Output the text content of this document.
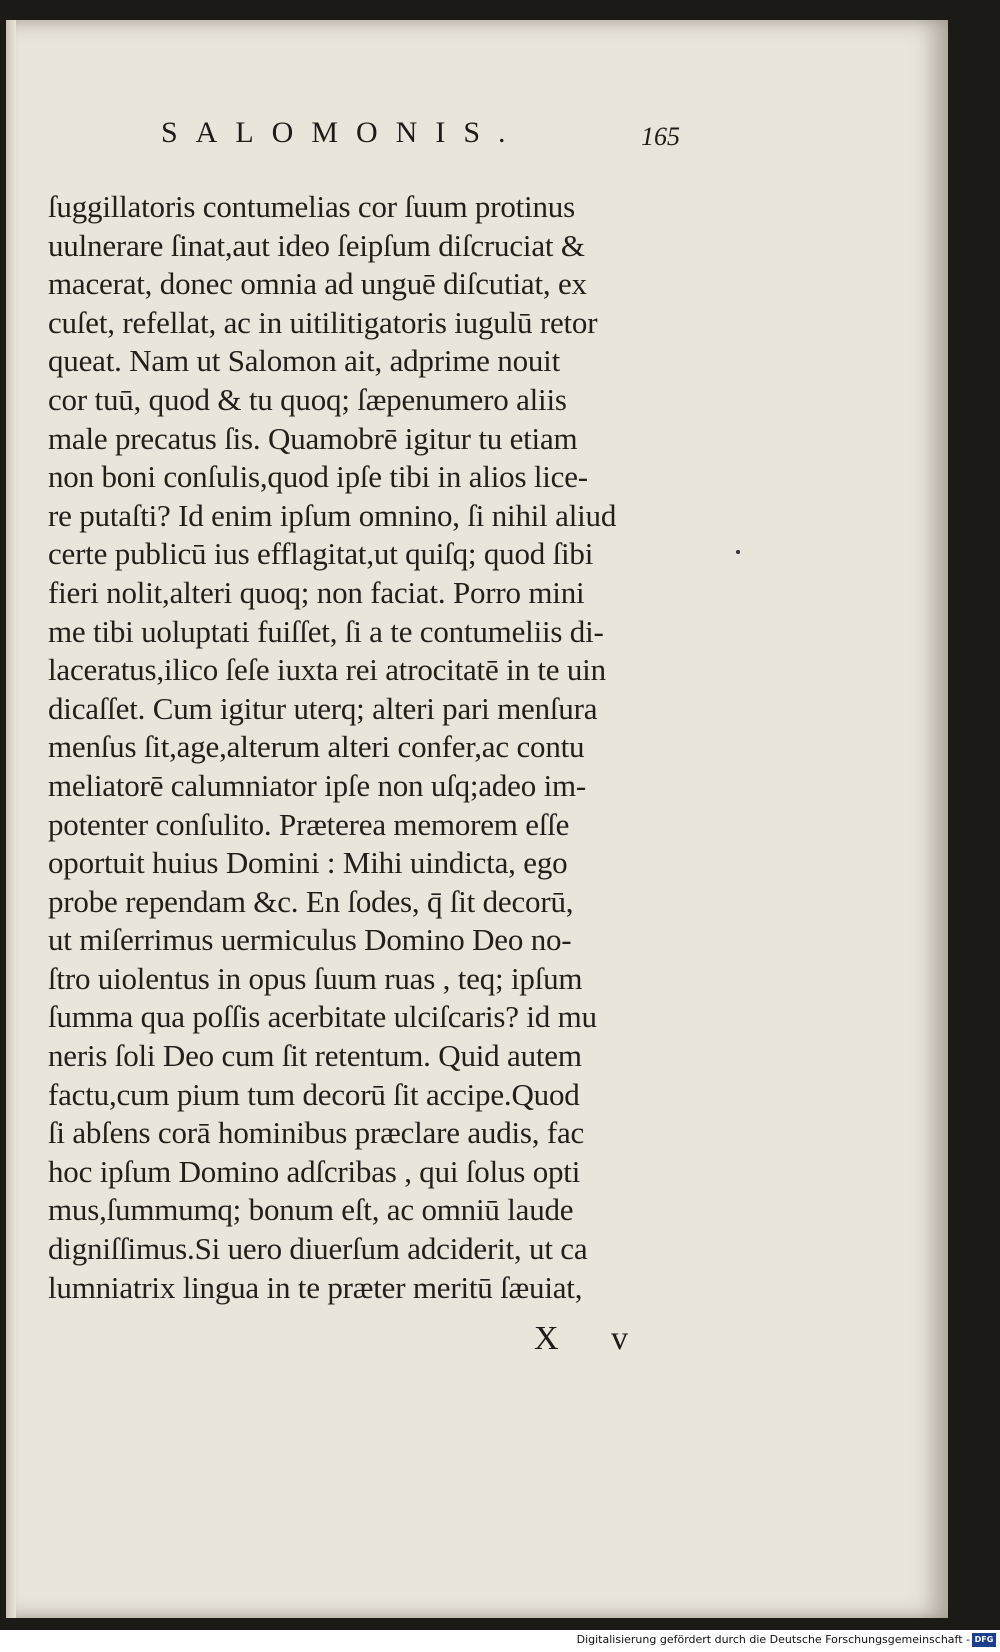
SALOMONIS.	165
ſuggillatoris contumelias cor ſuum protinus
uulnerare ſinat,aut ideo ſeipſum diſcruciat &
macerat, donec omnia ad unguē diſcutiat, ex
cuſet, refellat, ac in uitilitigatoris iugulū retor
queat. Nam ut Salomon ait, adprime nouit
cor tuū, quod & tu quoq; ſæpenumero aliis
male precatus ſis. Quamobrē igitur tu etiam
non boni conſulis,quod ipſe tibi in alios lice-
re putaſti? Id enim ipſum omnino, ſi nihil aliud
certe publicū ius efflagitat,ut quiſq; quod ſibi
fieri nolit,alteri quoq; non faciat. Porro mini
me tibi uoluptati fuiſſet, ſi a te contumeliis di-
laceratus,ilico ſeſe iuxta rei atrocitatē in te uin
dicaſſet. Cum igitur uterq; alteri pari menſura
menſus ſit,age,alterum alteri confer,ac contu
meliatorē calumniator ipſe non uſq;adeo im-
potenter conſulito. Præterea memorem eſſe
oportuit huius Domini : Mihi uindicta, ego
probe rependam &c. En ſodes, q̄ ſit decorū,
ut miſerrimus uermiculus Domino Deo no-
ſtro uiolentus in opus ſuum ruas , teq; ipſum
ſumma qua poſſis acerbitate ulciſcaris? id mu
neris ſoli Deo cum ſit retentum. Quid autem
factu,cum pium tum decorū ſit accipe.Quod
ſi abſens corā hominibus præclare audis, fac
hoc ipſum Domino adſcribas , qui ſolus opti
mus,ſummumq; bonum eſt, ac omniū laude
digniſſimus.Si uero diuerſum adciderit, ut ca
lumniatrix lingua in te præter meritū ſæuiat,
X v
Digitalisierung gefördert durch die Deutsche Forschungsgemeinschaft - DFG
